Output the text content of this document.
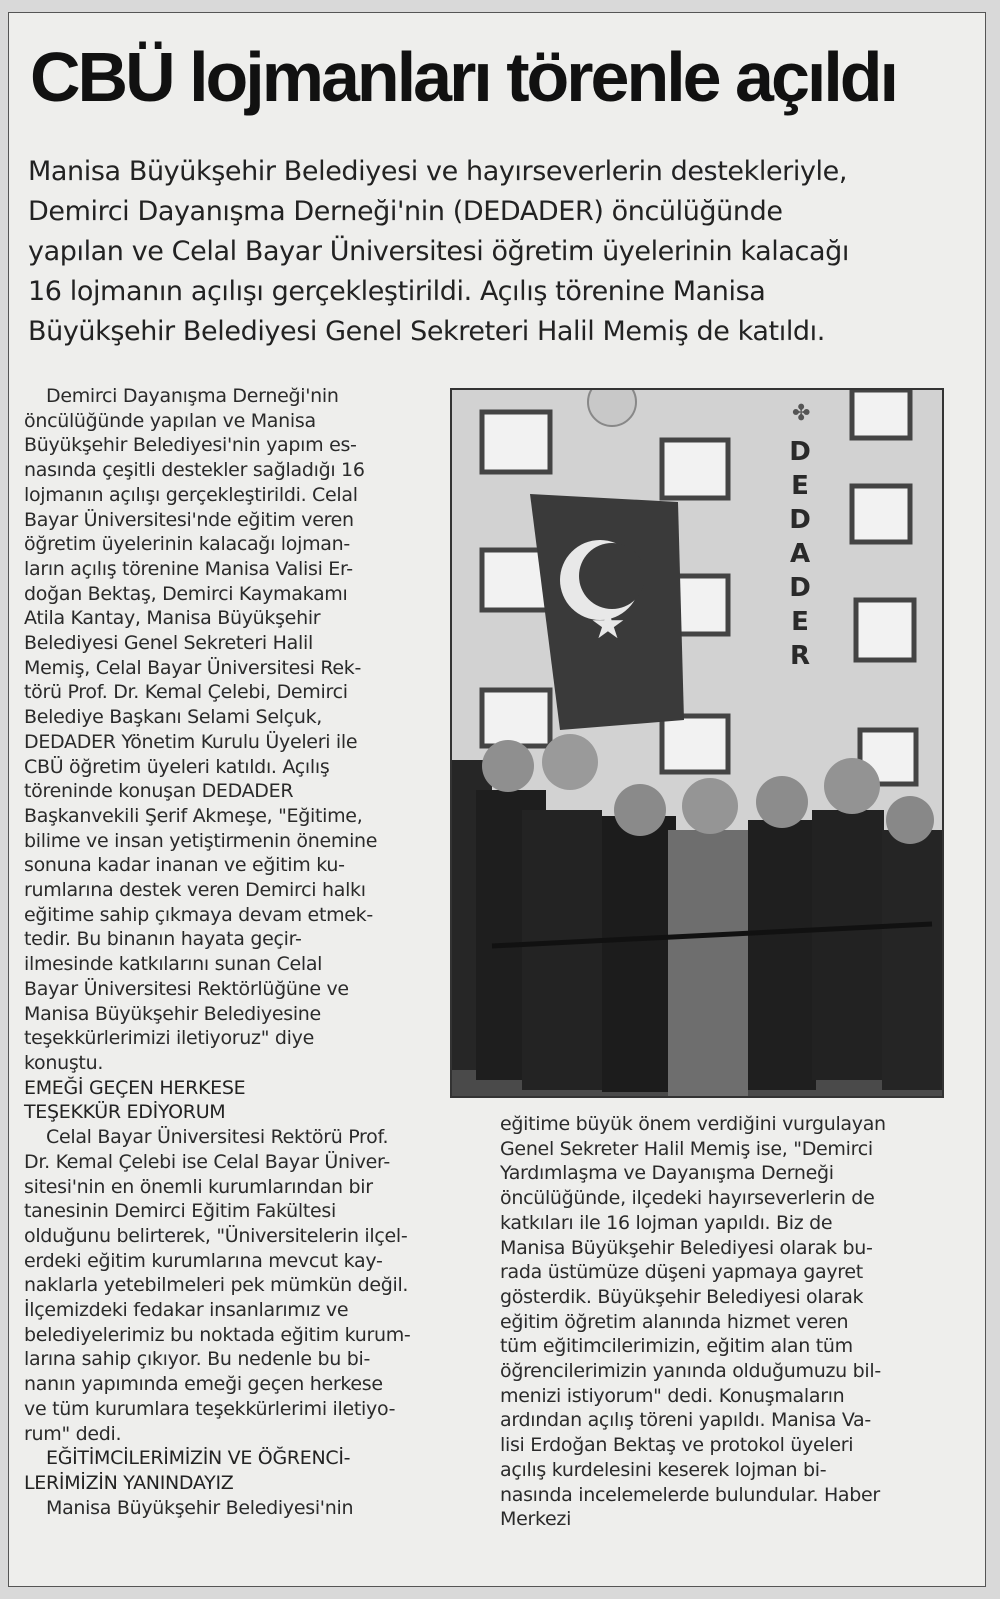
CBÜ lojmanları törenle açıldı
Manisa Büyükşehir Belediyesi ve hayırseverlerin destekleriyle,
Demirci Dayanışma Derneği'nin (DEDADER) öncülüğünde
yapılan ve Celal Bayar Üniversitesi öğretim üyelerinin kalacağı
16 lojmanın açılışı gerçekleştirildi. Açılış törenine Manisa
Büyükşehir Belediyesi Genel Sekreteri Halil Memiş de katıldı.
Demirci Dayanışma Derneği'nin
öncülüğünde yapılan ve Manisa
Büyükşehir Belediyesi'nin yapım es-
nasında çeşitli destekler sağladığı 16
lojmanın açılışı gerçekleştirildi. Celal
Bayar Üniversitesi'nde eğitim veren
öğretim üyelerinin kalacağı lojman-
ların açılış törenine Manisa Valisi Er-
doğan Bektaş, Demirci Kaymakamı
Atila Kantay, Manisa Büyükşehir
Belediyesi Genel Sekreteri Halil
Memiş, Celal Bayar Üniversitesi Rek-
törü Prof. Dr. Kemal Çelebi, Demirci
Belediye Başkanı Selami Selçuk,
DEDADER Yönetim Kurulu Üyeleri ile
CBÜ öğretim üyeleri katıldı. Açılış
töreninde konuşan DEDADER
Başkanvekili Şerif Akmeşe, "Eğitime,
bilime ve insan yetiştirmenin önemine
sonuna kadar inanan ve eğitim ku-
rumlarına destek veren Demirci halkı
eğitime sahip çıkmaya devam etmek-
tedir. Bu binanın hayata geçir-
ilmesinde katkılarını sunan Celal
Bayar Üniversitesi Rektörlüğüne ve
Manisa Büyükşehir Belediyesine
teşekkürlerimizi iletiyoruz" diye
konuştu.
EMEĞİ GEÇEN HERKESE
TEŞEKKÜR EDİYORUM
Celal Bayar Üniversitesi Rektörü Prof.
Dr. Kemal Çelebi ise Celal Bayar Üniver-
sitesi'nin en önemli kurumlarından bir
tanesinin Demirci Eğitim Fakültesi
olduğunu belirterek, "Üniversitelerin ilçel-
erdeki eğitim kurumlarına mevcut kay-
naklarla yetebilmeleri pek mümkün değil.
İlçemizdeki fedakar insanlarımız ve
belediyelerimiz bu noktada eğitim kurum-
larına sahip çıkıyor. Bu nedenle bu bi-
nanın yapımında emeği geçen herkese
ve tüm kurumlara teşekkürlerimi iletiyo-
rum" dedi.
EĞİTİMCİLERİMİZİN VE ÖĞRENCİ-
LERİMİZİN YANINDAYIZ
Manisa Büyükşehir Belediyesi'nin
D
E
D
A
D
E
R
✤
★
eğitime büyük önem verdiğini vurgulayan
Genel Sekreter Halil Memiş ise, "Demirci
Yardımlaşma ve Dayanışma Derneği
öncülüğünde, ilçedeki hayırseverlerin de
katkıları ile 16 lojman yapıldı. Biz de
Manisa Büyükşehir Belediyesi olarak bu-
rada üstümüze düşeni yapmaya gayret
gösterdik. Büyükşehir Belediyesi olarak
eğitim öğretim alanında hizmet veren
tüm eğitimcilerimizin, eğitim alan tüm
öğrencilerimizin yanında olduğumuzu bil-
menizi istiyorum" dedi. Konuşmaların
ardından açılış töreni yapıldı. Manisa Va-
lisi Erdoğan Bektaş ve protokol üyeleri
açılış kurdelesini keserek lojman bi-
nasında incelemelerde bulundular. Haber
Merkezi
